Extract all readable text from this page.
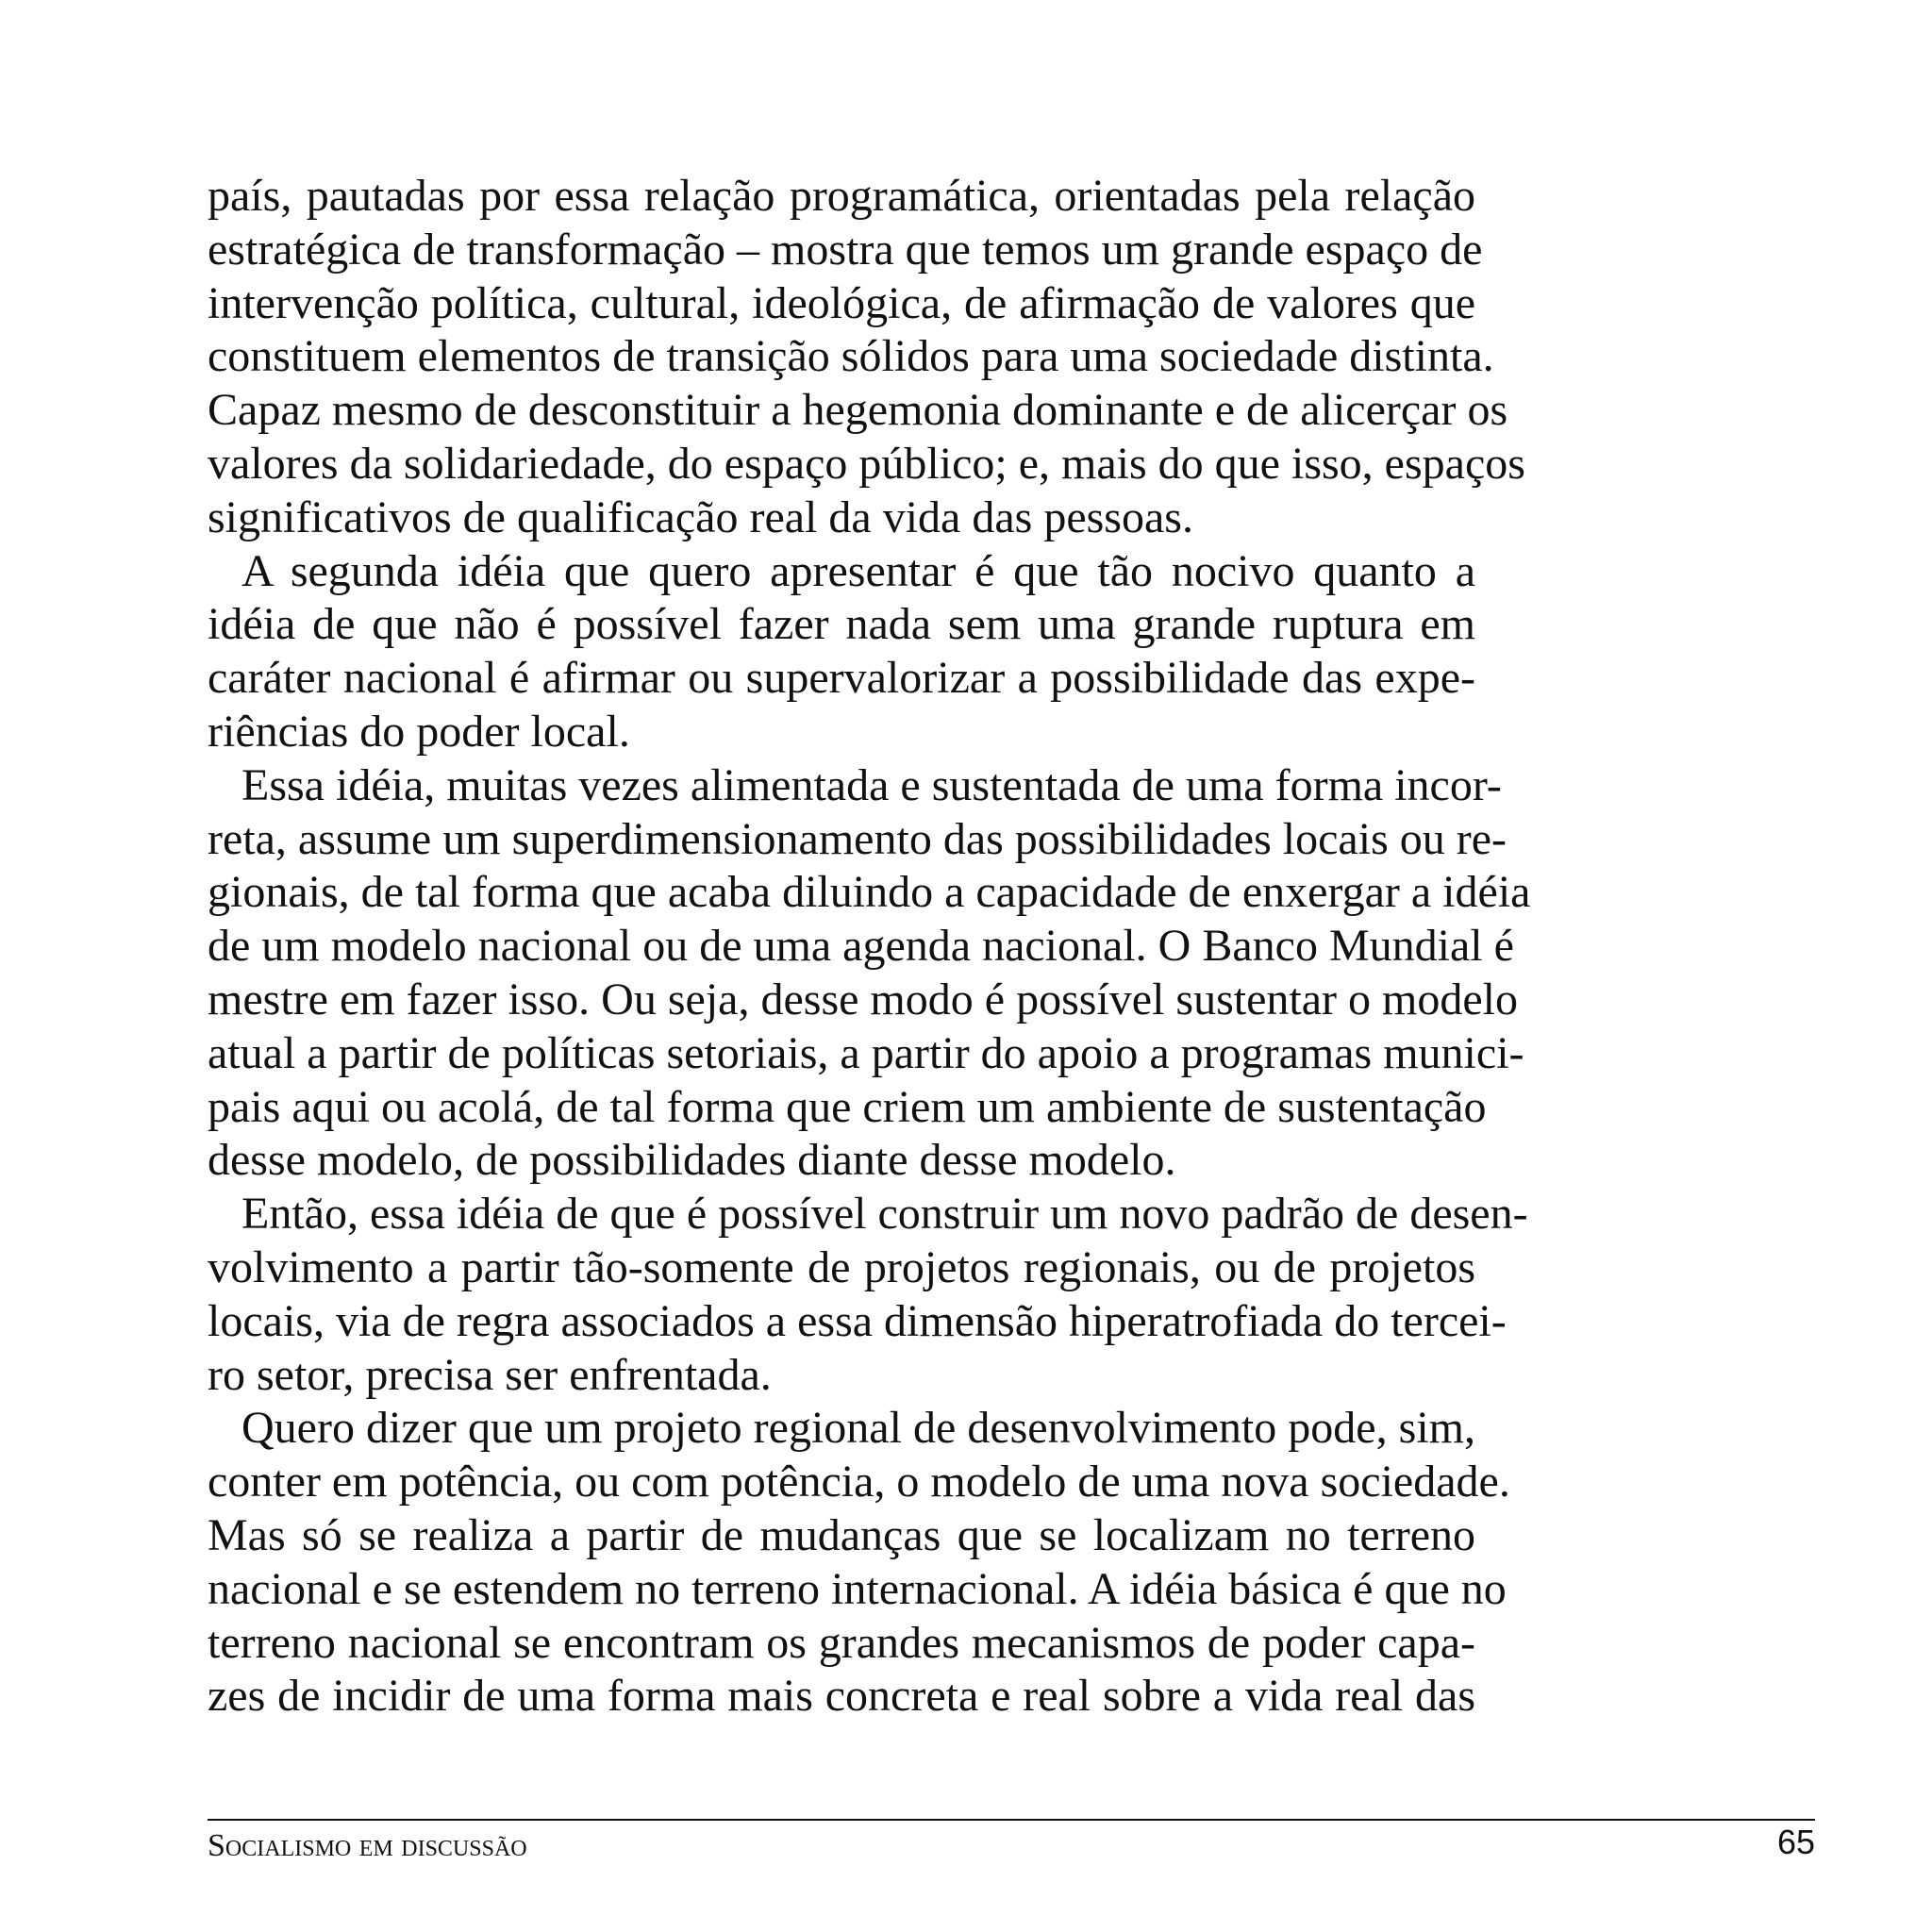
país, pautadas por essa relação programática, orientadas pela relação
estratégica de transformação – mostra que temos um grande espaço de
intervenção política, cultural, ideológica, de afirmação de valores que
constituem elementos de transição sólidos para uma sociedade distinta.
Capaz mesmo de desconstituir a hegemonia dominante e de alicerçar os
valores da solidariedade, do espaço público; e, mais do que isso, espaços
significativos de qualificação real da vida das pessoas.
A segunda idéia que quero apresentar é que tão nocivo quanto a
idéia de que não é possível fazer nada sem uma grande ruptura em
caráter nacional é afirmar ou supervalorizar a possibilidade das expe-
riências do poder local.
Essa idéia, muitas vezes alimentada e sustentada de uma forma incor-
reta, assume um superdimensionamento das possibilidades locais ou re-
gionais, de tal forma que acaba diluindo a capacidade de enxergar a idéia
de um modelo nacional ou de uma agenda nacional. O Banco Mundial é
mestre em fazer isso. Ou seja, desse modo é possível sustentar o modelo
atual a partir de políticas setoriais, a partir do apoio a programas munici-
pais aqui ou acolá, de tal forma que criem um ambiente de sustentação
desse modelo, de possibilidades diante desse modelo.
Então, essa idéia de que é possível construir um novo padrão de desen-
volvimento a partir tão-somente de projetos regionais, ou de projetos
locais, via de regra associados a essa dimensão hiperatrofiada do tercei-
ro setor, precisa ser enfrentada.
Quero dizer que um projeto regional de desenvolvimento pode, sim,
conter em potência, ou com potência, o modelo de uma nova sociedade.
Mas só se realiza a partir de mudanças que se localizam no terreno
nacional e se estendem no terreno internacional. A idéia básica é que no
terreno nacional se encontram os grandes mecanismos de poder capa-
zes de incidir de uma forma mais concreta e real sobre a vida real das
Socialismo em discussão	65
